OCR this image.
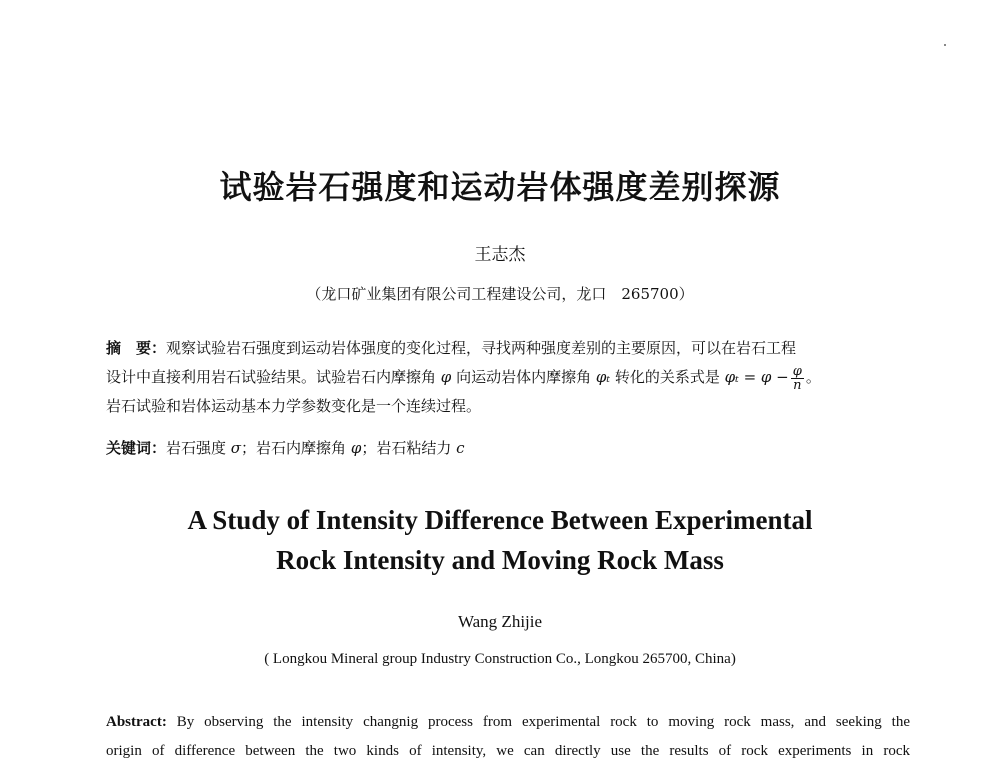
试验岩石强度和运动岩体强度差别探源
王志杰
（龙口矿业集团有限公司工程建设公司，龙口　265700）
摘　要：观察试验岩石强度到运动岩体强度的变化过程，寻找两种强度差别的主要原因，可以在岩石工程
设计中直接利用岩石试验结果。试验岩石内摩擦角 φ 向运动岩体内摩擦角 φₜ 转化的关系式是 $\varphi_t = \varphi - \frac{\varphi}{n}$ 。
岩石试验和岩体运动基本力学参数变化是一个连续过程。
关键词：岩石强度 σ；岩石内摩擦角 φ；岩石粘结力 c
A Study of Intensity Difference Between Experimental
Rock Intensity and Moving Rock Mass
Wang Zhijie
( Longkou Mineral group Industry Construction Co., Longkou 265700, China)
Abstract: By observing the intensity changnig process from experimental rock to moving rock mass, and seeking the
origin of difference between the two kinds of intensity, we can directly use the results of rock experiments in rock
